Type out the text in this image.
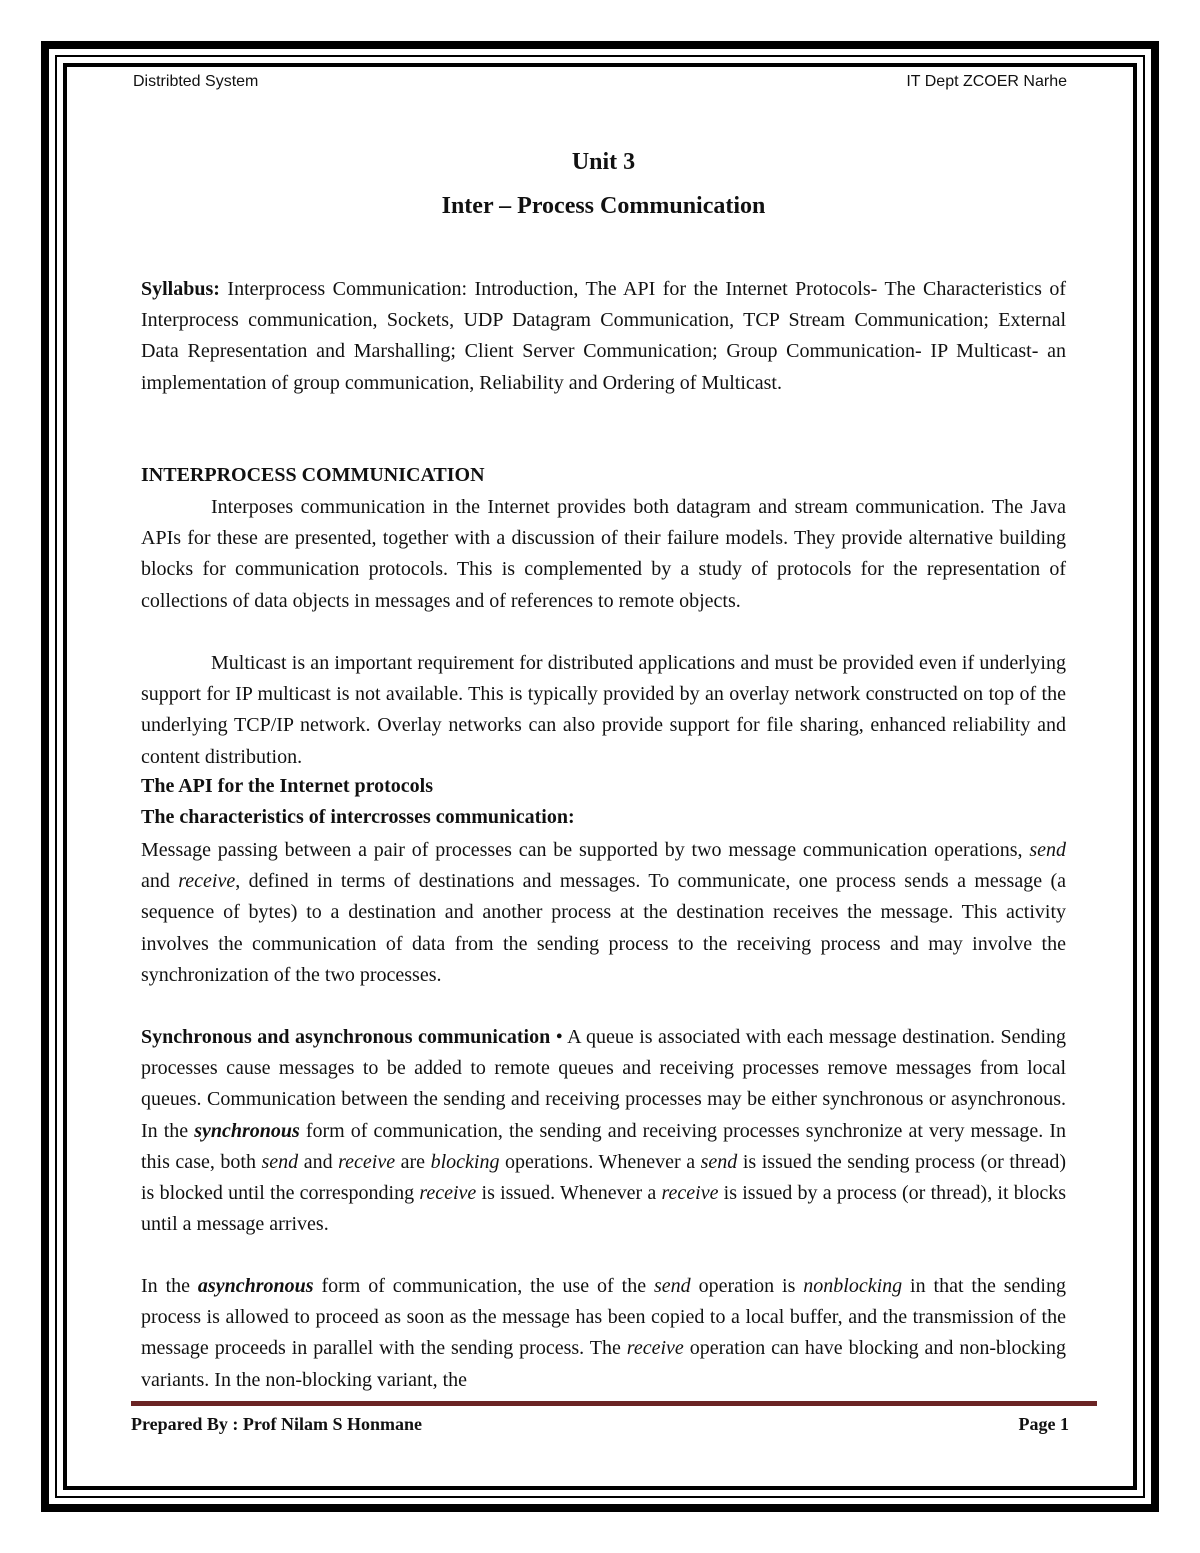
Distribted System	IT Dept ZCOER Narhe
Unit 3
Inter – Process Communication
Syllabus: Interprocess Communication: Introduction, The API for the Internet Protocols- The Characteristics of Interprocess communication, Sockets, UDP Datagram Communication, TCP Stream Communication; External Data Representation and Marshalling; Client Server Communication; Group Communication- IP Multicast- an implementation of group communication, Reliability and Ordering of Multicast.
INTERPROCESS COMMUNICATION
Interposes communication in the Internet provides both datagram and stream communication. The Java APIs for these are presented, together with a discussion of their failure models. They provide alternative building blocks for communication protocols. This is complemented by a study of protocols for the representation of collections of data objects in messages and of references to remote objects.
Multicast is an important requirement for distributed applications and must be provided even if underlying support for IP multicast is not available. This is typically provided by an overlay network constructed on top of the underlying TCP/IP network. Overlay networks can also provide support for file sharing, enhanced reliability and content distribution.
The API for the Internet protocols
The characteristics of intercrosses communication:
Message passing between a pair of processes can be supported by two message communication operations, send and receive, defined in terms of destinations and messages. To communicate, one process sends a message (a sequence of bytes) to a destination and another process at the destination receives the message. This activity involves the communication of data from the sending process to the receiving process and may involve the synchronization of the two processes.
Synchronous and asynchronous communication • A queue is associated with each message destination. Sending processes cause messages to be added to remote queues and receiving processes remove messages from local queues. Communication between the sending and receiving processes may be either synchronous or asynchronous. In the synchronous form of communication, the sending and receiving processes synchronize at very message. In this case, both send and receive are blocking operations. Whenever a send is issued the sending process (or thread) is blocked until the corresponding receive is issued. Whenever a receive is issued by a process (or thread), it blocks until a message arrives.
In the asynchronous form of communication, the use of the send operation is nonblocking in that the sending process is allowed to proceed as soon as the message has been copied to a local buffer, and the transmission of the message proceeds in parallel with the sending process. The receive operation can have blocking and non-blocking variants. In the non-blocking variant, the
Prepared By : Prof Nilam S Honmane	Page 1
